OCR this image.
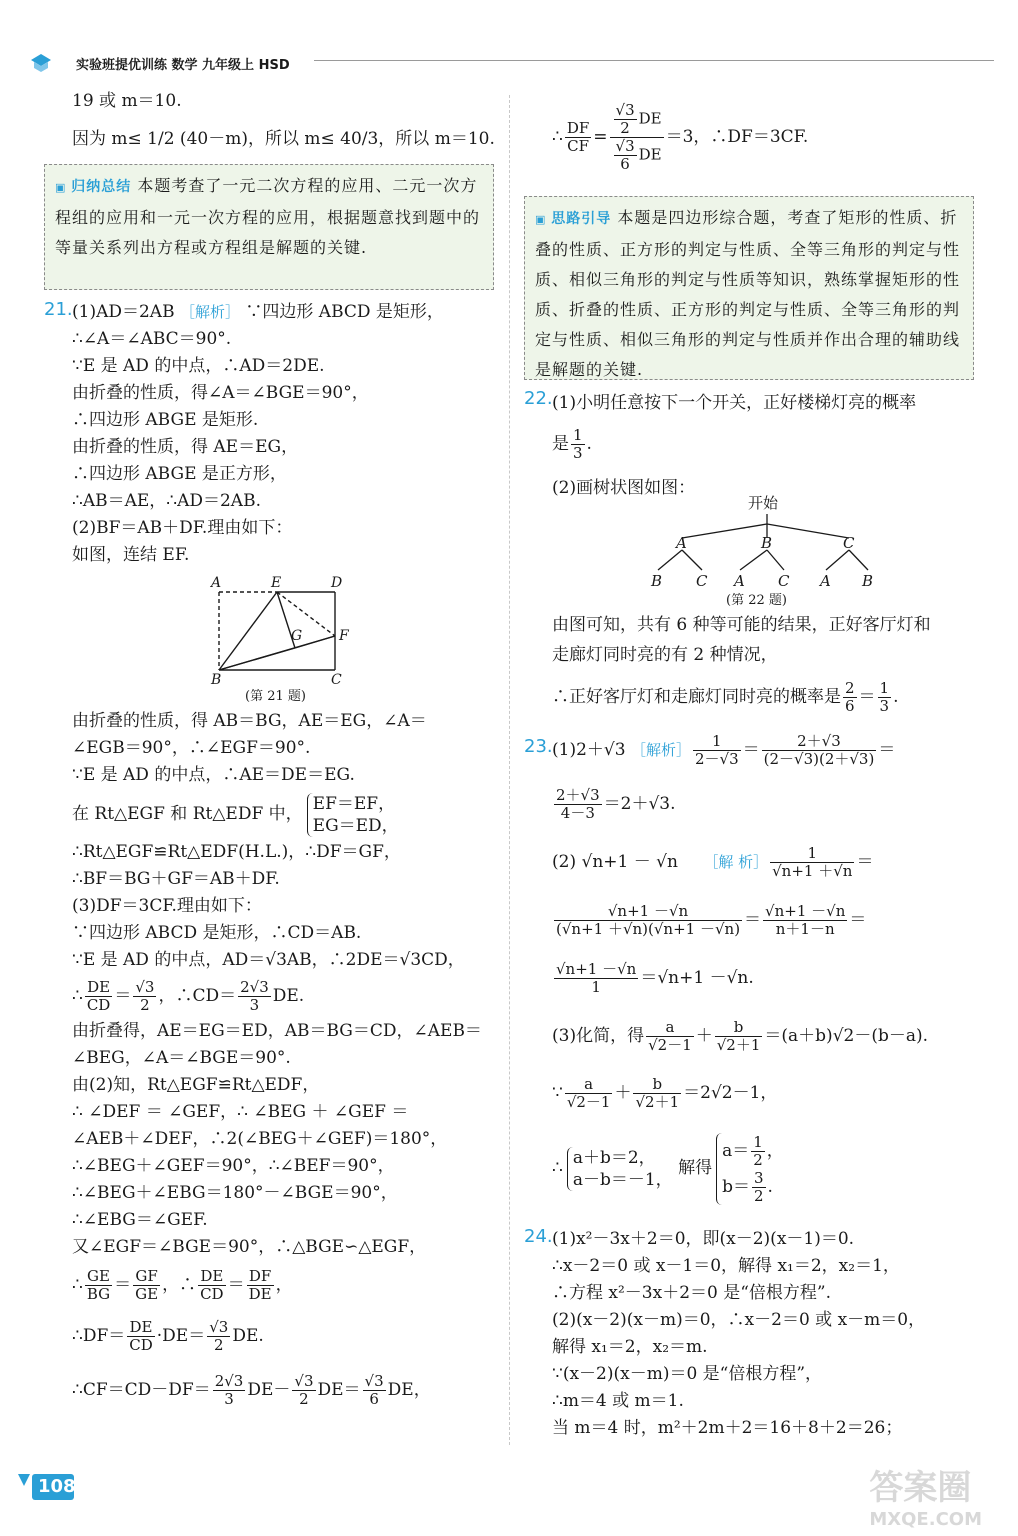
实验班提优训练 数学 九年级上 HSD
19 或 m＝10.
因为 m≤ 1/2 (40－m)，所以 m≤ 40/3，所以 m＝10.
▣ 归纳总结 本题考查了一元二次方程的应用、二元一次方程组的应用和一元一次方程的应用，根据题意找到题中的等量关系列出方程或方程组是解题的关键.
21. (1)AD＝2AB ［解析］ ∵四边形 ABCD 是矩形，
∴∠A＝∠ABC＝90°.
∵E 是 AD 的中点，∴AD＝2DE.
由折叠的性质，得∠A＝∠BGE＝90°，
∴四边形 ABGE 是矩形.
由折叠的性质，得 AE＝EG，
∴四边形 ABGE 是正方形，
∴AB＝AE，∴AD＝2AB.
(2)BF＝AB＋DF.理由如下：
如图，连结 EF.
A	E	D
G	F
B	C
(第 21 题)
由折叠的性质，得 AB＝BG，AE＝EG，∠A＝
∠EGB＝90°，∴∠EGF＝90°.
∵E 是 AD 的中点，∴AE＝DE＝EG.
在 Rt△EGF 和 Rt△EDF 中，
EF＝EF，
EG＝ED，
∴Rt△EGF≌Rt△EDF(H.L.)，∴DF＝GF，
∴BF＝BG＋GF＝AB＋DF.
(3)DF＝3CF.理由如下：
∵四边形 ABCD 是矩形，∴CD＝AB.
∵E 是 AD 的中点，AD＝√3AB，∴2DE＝√3CD，
∴ $\frac{DE}{CD} = \frac{√3}{2}$ ，∴CD＝ $\frac{2√3}{3}$ DE.
由折叠得，AE＝EG＝ED，AB＝BG＝CD，∠AEB＝
∠BEG，∠A＝∠BGE＝90°.
由(2)知，Rt△EGF≌Rt△EDF，
∴ ∠DEF ＝ ∠GEF，∴ ∠BEG ＋ ∠GEF ＝
∠AEB＋∠DEF，∴2(∠BEG＋∠GEF)＝180°，
∴∠BEG＋∠GEF＝90°，∴∠BEF＝90°，
∴∠BEG＋∠EBG＝180°－∠BGE＝90°，
∴∠EBG＝∠GEF.
又∠EGF＝∠BGE＝90°，∴△BGE∽△EGF，
∴ $\frac{GE}{BG} = \frac{GF}{GE}$ ，∴ $\frac{DE}{CD} = \frac{DF}{DE}$ ，
∴DF＝ $\frac{DE}{CD} \cdot DE= \frac{√3}{2}$ DE.
∴CF＝CD－DF＝ $\frac{2√3}{3} DE- \frac{√3}{2} DE= \frac{√3}{6}$ DE，
∴ $\frac{DF}{CF} = \frac{\frac{√3}{2} DE}{\frac{√3}{6} DE} =3$，∴DF＝3CF.
▣ 思路引导 本题是四边形综合题，考查了矩形的性质、折叠的性质、正方形的判定与性质、全等三角形的判定与性质、相似三角形的判定与性质等知识，熟练掌握矩形的性质、折叠的性质、正方形的判定与性质、全等三角形的判定与性质、相似三角形的判定与性质并作出合理的辅助线是解题的关键.
22. (1)小明任意按下一个开关，正好楼梯灯亮的概率
是 $\frac{1}{3}$ .
(2)画树状图如图：
开始
A	B	C
B C A C A B
(第 22 题)
由图可知，共有 6 种等可能的结果，正好客厅灯和
走廊灯同时亮的有 2 种情况，
∴正好客厅灯和走廊灯同时亮的概率是 $\frac{2}{6} = \frac{1}{3}$ .
23. (1)2＋√3 ［解析］ $\frac{1}{2-√3} = \frac{2+√3}{(2-√3)(2+√3)}$ ＝
$\frac{2+√3}{4-3} =2+√3$.
(2) √n+1 － √n ［解 析］ $\frac{1}{√n+1 +√n}$ ＝
$\frac{√n+1 -√n}{(√n+1 +√n)(√n+1 -√n)} = \frac{√n+1 -√n}{n+1-n}$ ＝
$\frac{√n+1 -√n}{1} =√n+1 -√n$.
(3)化简，得 $\frac{a}{√2-1} + \frac{b}{√2+1} =(a+b)√2-(b-a)$.
∵ $\frac{a}{√2-1} + \frac{b}{√2+1} =2√2-1$，
∴
a＋b＝2，
a－b＝－1，
解得
$a= \frac{1}{2}$ ，
$b= \frac{3}{2}$ .
24. (1)x²－3x＋2＝0，即(x－2)(x－1)＝0.
∴x－2＝0 或 x－1＝0，解得 x₁＝2，x₂＝1，
∴方程 x²－3x＋2＝0 是“倍根方程”.
(2)(x－2)(x－m)＝0，∴x－2＝0 或 x－m＝0，
解得 x₁＝2，x₂＝m.
∵(x－2)(x－m)＝0 是“倍根方程”，
∴m＝4 或 m＝1.
当 m＝4 时，m²＋2m＋2＝16＋8＋2＝26；
108	答案圈
MXQE.COM
